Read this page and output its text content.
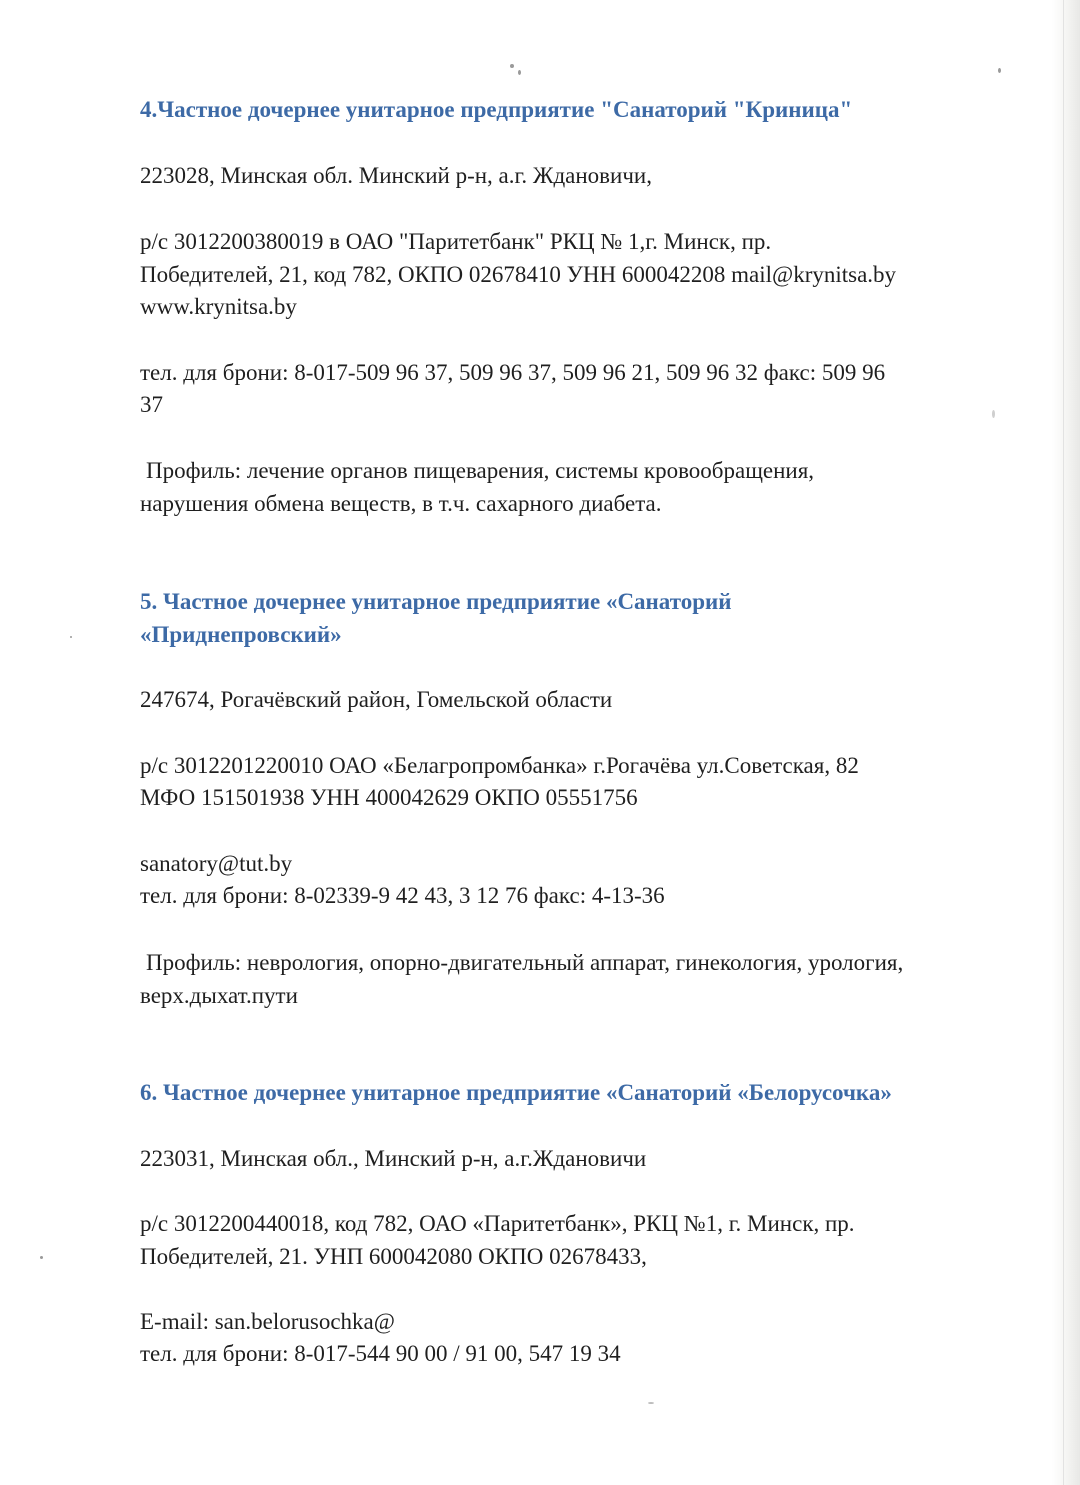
4.Частное дочернее унитарное предприятие "Санаторий "Криница"
223028, Минская обл. Минский р-н, а.г. Ждановичи,
р/с 3012200380019 в ОАО "Паритетбанк" РКЦ № 1,г. Минск, пр.
Победителей, 21, код 782, ОКПО 02678410 УНН 600042208 mail@krynitsa.by
www.krynitsa.by
тел. для брони: 8-017-509 96 37, 509 96 37, 509 96 21, 509 96 32 факс: 509 96
37
Профиль: лечение органов пищеварения, системы кровообращения,
нарушения обмена веществ, в т.ч. сахарного диабета.
5. Частное дочернее унитарное предприятие «Санаторий
«Приднепровский»
247674, Рогачёвский район, Гомельской области
р/с 3012201220010 ОАО «Белагропромбанка» г.Рогачёва ул.Советская, 82
МФО 151501938 УНН 400042629 ОКПО 05551756
sanatory@tut.by
тел. для брони: 8-02339-9 42 43, 3 12 76 факс: 4-13-36
Профиль: неврология, опорно-двигательный аппарат, гинекология, урология,
верх.дыхат.пути
6. Частное дочернее унитарное предприятие «Санаторий «Белорусочка»
223031, Минская обл., Минский р-н, а.г.Ждановичи
р/с 3012200440018, код 782, ОАО «Паритетбанк», РКЦ №1, г. Минск, пр.
Победителей, 21. УНП 600042080 ОКПО 02678433,
E-mail: san.belorusochka@
тел. для брони: 8-017-544 90 00 / 91 00, 547 19 34
